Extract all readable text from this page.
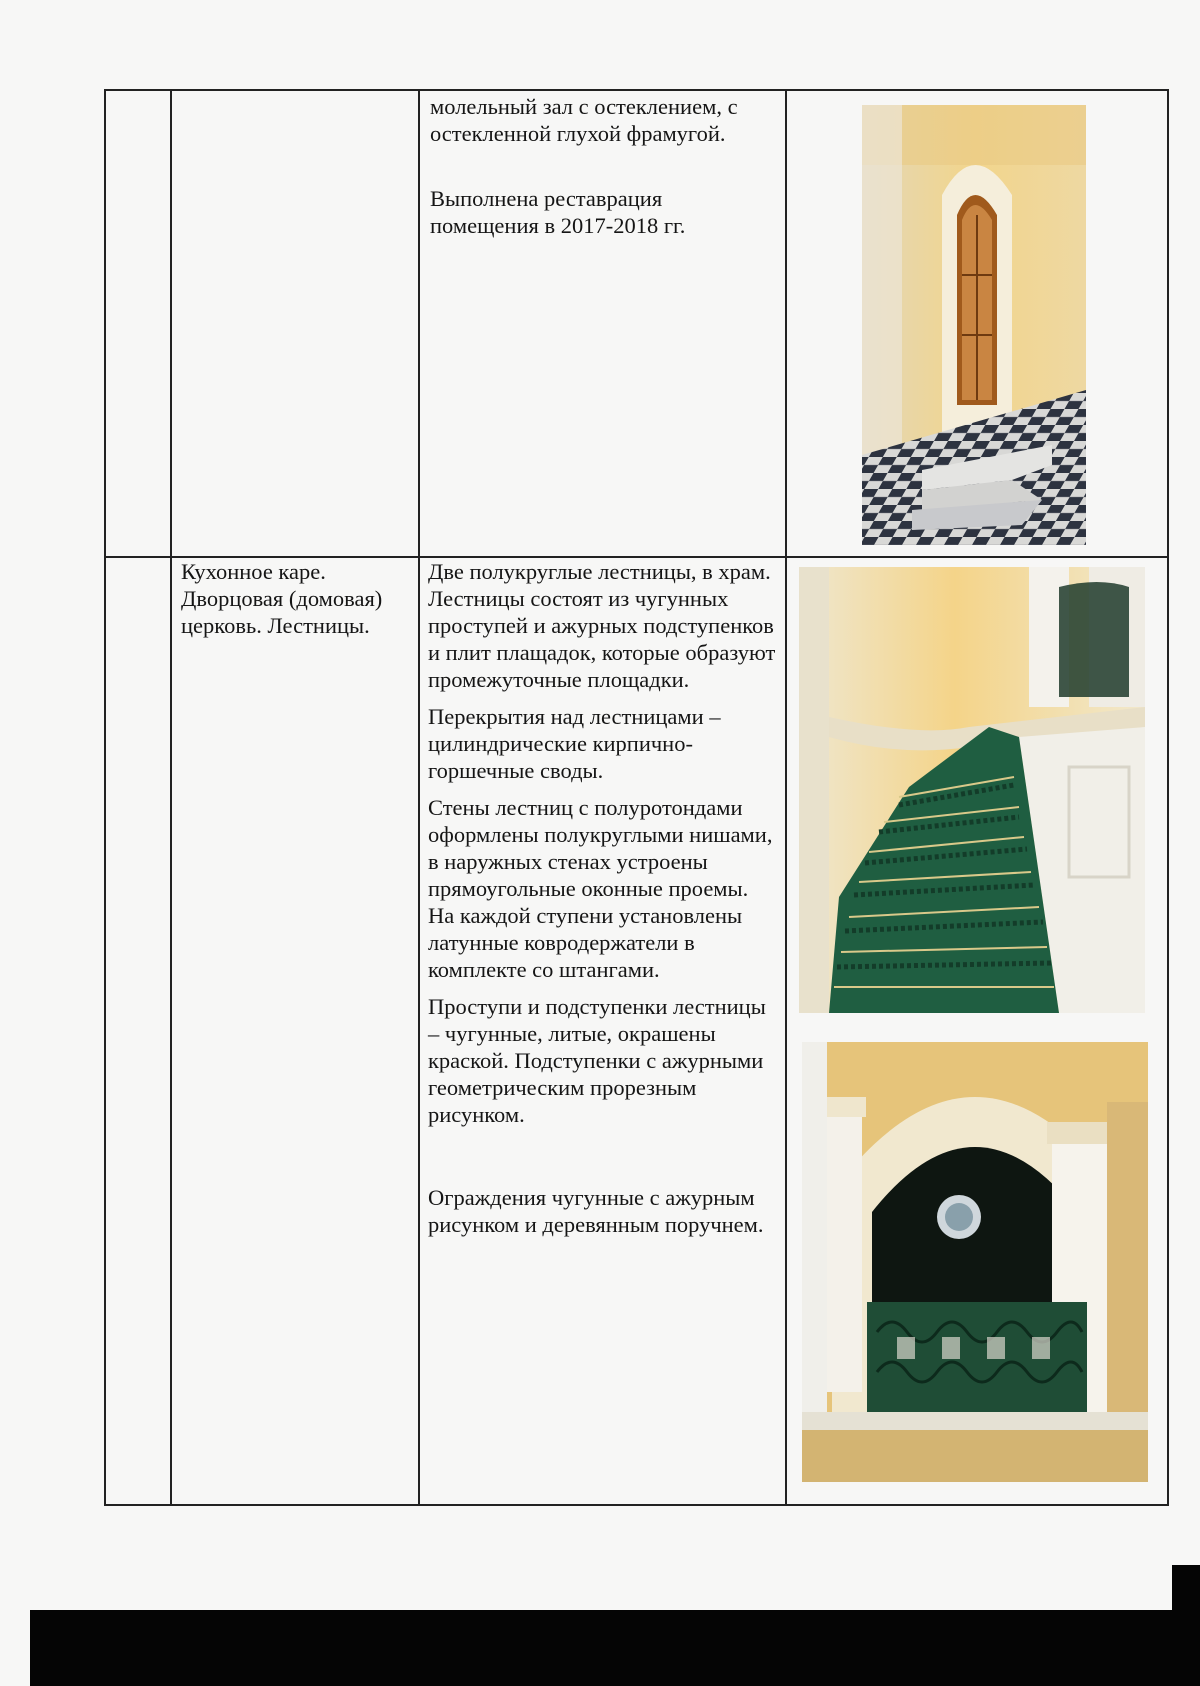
молельный зал с остеклением, с остекленной глухой фрамугой.

Выполнена реставрация помещения в 2017-2018 гг.

Кухонное каре. Дворцовая (домовая) церковь. Лестницы.

Две полукруглые лестницы, в храм. Лестницы состоят из чугунных проступей и ажурных подступенков и плит плащадок, которые образуют промежуточные площадки.

Перекрытия над лестницами – цилиндрические кирпично-горшечные своды.

Стены лестниц с полуротондами оформлены полукруглыми нишами, в наружных стенах устроены прямоугольные оконные проемы.

На каждой ступени установлены латунные ковродержатели в комплекте со штангами.

Проступи и подступенки лестницы – чугунные, литые, окрашены краской. Подступенки с ажурными геометрическим прорезным рисунком.

Ограждения чугунные с ажурным рисунком и деревянным поручнем.
